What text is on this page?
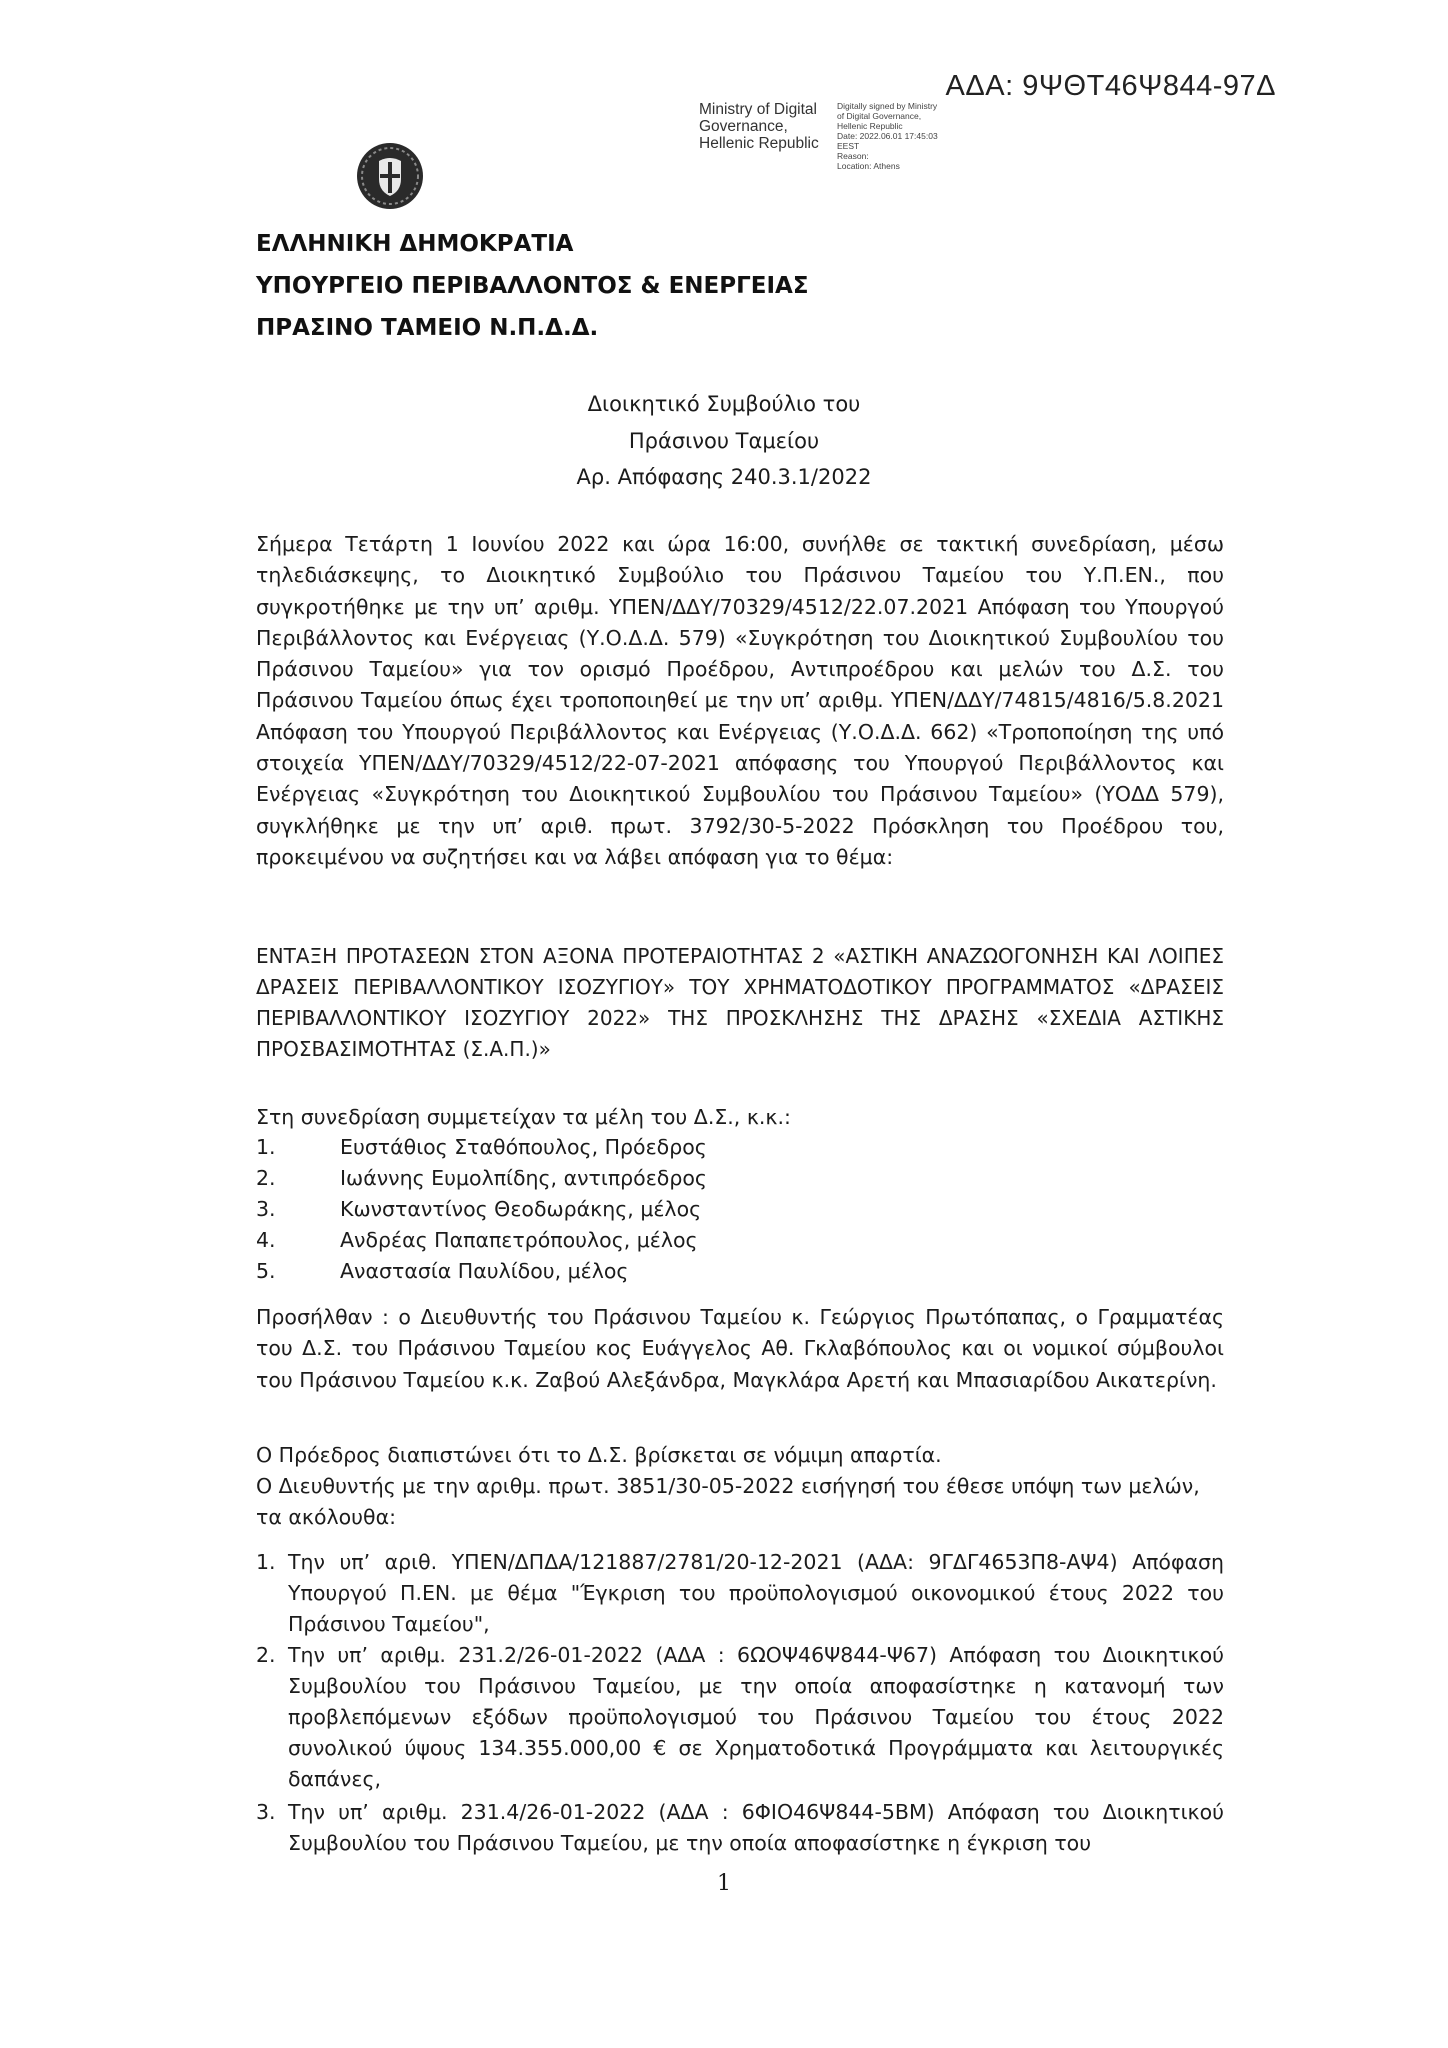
ΑΔΑ: 9ΨΘΤ46Ψ844-97Δ
Ministry of Digital
Governance,
Hellenic Republic
Digitally signed by Ministry
of Digital Governance,
Hellenic Republic
Date: 2022.06.01 17:45:03
EEST
Reason:
Location: Athens
ΕΛΛΗΝΙΚΗ ΔΗΜΟΚΡΑΤΙΑ
ΥΠΟΥΡΓΕΙΟ ΠΕΡΙΒΑΛΛΟΝΤΟΣ & ΕΝΕΡΓΕΙΑΣ
ΠΡΑΣΙΝΟ ΤΑΜΕΙΟ Ν.Π.Δ.Δ.
Διοικητικό Συμβούλιο του
Πράσινου Ταμείου
Αρ. Απόφασης 240.3.1/2022
Σήμερα Τετάρτη 1 Ιουνίου 2022 και ώρα 16:00, συνήλθε σε τακτική συνεδρίαση, μέσω τηλεδιάσκεψης, το Διοικητικό Συμβούλιο του Πράσινου Ταμείου του Υ.Π.ΕΝ., που συγκροτήθηκε με την υπ’ αριθμ. ΥΠΕΝ/ΔΔΥ/70329/4512/22.07.2021 Απόφαση του Υπουργού Περιβάλλοντος και Ενέργειας (Υ.Ο.Δ.Δ. 579) «Συγκρότηση του Διοικητικού Συμβουλίου του Πράσινου Ταμείου» για τον ορισμό Προέδρου, Αντιπροέδρου και μελών του Δ.Σ. του Πράσινου Ταμείου όπως έχει τροποποιηθεί με την υπ’ αριθμ. ΥΠΕΝ/ΔΔΥ/74815/4816/5.8.2021 Απόφαση του Υπουργού Περιβάλλοντος και Ενέργειας (Υ.Ο.Δ.Δ. 662) «Τροποποίηση της υπό στοιχεία ΥΠΕΝ/ΔΔΥ/70329/4512/22-07-2021 απόφασης του Υπουργού Περιβάλλοντος και Ενέργειας «Συγκρότηση του Διοικητικού Συμβουλίου του Πράσινου Ταμείου» (ΥΟΔΔ 579), συγκλήθηκε με την υπ’ αριθ. πρωτ. 3792/30-5-2022 Πρόσκληση του Προέδρου του, προκειμένου να συζητήσει και να λάβει απόφαση για το θέμα:
ΕΝΤΑΞΗ ΠΡΟΤΑΣΕΩΝ ΣΤΟΝ ΑΞΟΝΑ ΠΡΟΤΕΡΑΙΟΤΗΤΑΣ 2 «ΑΣΤΙΚΗ ΑΝΑΖΩΟΓΟΝΗΣΗ ΚΑΙ ΛΟΙΠΕΣ ΔΡΑΣΕΙΣ ΠΕΡΙΒΑΛΛΟΝΤΙΚΟΥ ΙΣΟΖΥΓΙΟΥ» ΤΟΥ ΧΡΗΜΑΤΟΔΟΤΙΚΟΥ ΠΡΟΓΡΑΜΜΑΤΟΣ «ΔΡΑΣΕΙΣ ΠΕΡΙΒΑΛΛΟΝΤΙΚΟΥ ΙΣΟΖΥΓΙΟΥ 2022» ΤΗΣ ΠΡΟΣΚΛΗΣΗΣ ΤΗΣ ΔΡΑΣΗΣ «ΣΧΕΔΙΑ ΑΣΤΙΚΗΣ ΠΡΟΣΒΑΣΙΜΟΤΗΤΑΣ (Σ.Α.Π.)»
Στη συνεδρίαση συμμετείχαν τα μέλη του Δ.Σ., κ.κ.:
1.	Ευστάθιος Σταθόπουλος, Πρόεδρος
2.	Ιωάννης Ευμολπίδης, αντιπρόεδρος
3.	Κωνσταντίνος Θεοδωράκης, μέλος
4.	Ανδρέας Παπαπετρόπουλος, μέλος
5.	Αναστασία Παυλίδου, μέλος
Προσήλθαν : ο Διευθυντής του Πράσινου Ταμείου κ. Γεώργιος Πρωτόπαπας, ο Γραμματέας του Δ.Σ. του Πράσινου Ταμείου κος Ευάγγελος Αθ. Γκλαβόπουλος και οι νομικοί σύμβουλοι του Πράσινου Ταμείου κ.κ. Ζαβού Αλεξάνδρα, Μαγκλάρα Αρετή και Μπασιαρίδου Αικατερίνη.
Ο Πρόεδρος διαπιστώνει ότι το Δ.Σ. βρίσκεται σε νόμιμη απαρτία.
Ο Διευθυντής με την αριθμ. πρωτ. 3851/30-05-2022 εισήγησή του έθεσε υπόψη των μελών,
τα ακόλουθα:
1. Την υπ’ αριθ. ΥΠΕΝ/ΔΠΔΑ/121887/2781/20-12-2021 (ΑΔΑ: 9ΓΔΓ4653Π8-ΑΨ4) Απόφαση Υπουργού Π.ΕΝ. με θέμα "Έγκριση του προϋπολογισμού οικονομικού έτους 2022 του Πράσινου Ταμείου",
2. Την υπ’ αριθμ. 231.2/26-01-2022 (ΑΔΑ : 6ΩΟΨ46Ψ844-Ψ67) Απόφαση του Διοικητικού Συμβουλίου του Πράσινου Ταμείου, με την οποία αποφασίστηκε η κατανομή των προβλεπόμενων εξόδων προϋπολογισμού του Πράσινου Ταμείου του έτους 2022 συνολικού ύψους 134.355.000,00 € σε Χρηματοδοτικά Προγράμματα και λειτουργικές δαπάνες,
3. Την υπ’ αριθμ. 231.4/26-01-2022 (ΑΔΑ : 6ΦΙΟ46Ψ844-5ΒΜ) Απόφαση του Διοικητικού Συμβουλίου του Πράσινου Ταμείου, με την οποία αποφασίστηκε η έγκριση του
1
